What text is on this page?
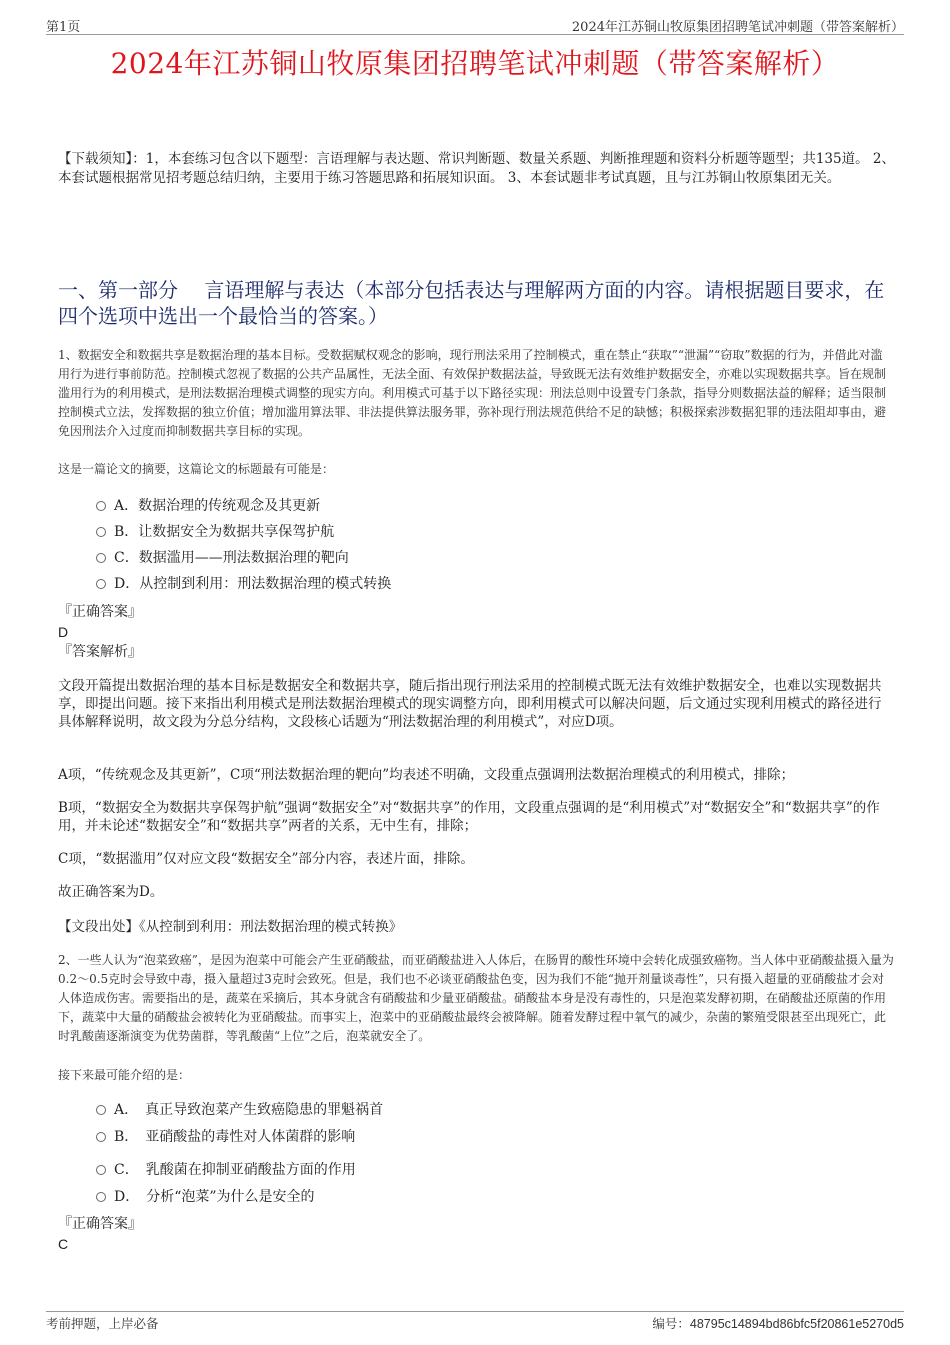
第1页	2024年江苏铜山牧原集团招聘笔试冲刺题（带答案解析）
2024年江苏铜山牧原集团招聘笔试冲刺题（带答案解析）
【下载须知】：1，本套练习包含以下题型：言语理解与表达题、常识判断题、数量关系题、判断推理题和资料分析题等题型；共135道。 2、本套试题根据常见招考题总结归纳，主要用于练习答题思路和拓展知识面。 3、本套试题非考试真题，且与江苏铜山牧原集团无关。
一、第一部分　 言语理解与表达（本部分包括表达与理解两方面的内容。请根据题目要求，在四个选项中选出一个最恰当的答案。）
1、数据安全和数据共享是数据治理的基本目标。受数据赋权观念的影响，现行刑法采用了控制模式，重在禁止“获取”“泄漏”“窃取”数据的行为，并借此对滥用行为进行事前防范。控制模式忽视了数据的公共产品属性，无法全面、有效保护数据法益，导致既无法有效维护数据安全，亦难以实现数据共享。旨在规制滥用行为的利用模式，是刑法数据治理模式调整的现实方向。利用模式可基于以下路径实现：刑法总则中设置专门条款，指导分则数据法益的解释；适当限制控制模式立法，发挥数据的独立价值；增加滥用算法罪、非法提供算法服务罪，弥补现行刑法规范供给不足的缺憾；积极探索涉数据犯罪的违法阻却事由，避免因刑法介入过度而抑制数据共享目标的实现。
这是一篇论文的摘要，这篇论文的标题最有可能是：
A．数据治理的传统观念及其更新
B．让数据安全为数据共享保驾护航
C．数据滥用——刑法数据治理的靶向
D．从控制到利用：刑法数据治理的模式转换
『正确答案』
D
『答案解析』
文段开篇提出数据治理的基本目标是数据安全和数据共享，随后指出现行刑法采用的控制模式既无法有效维护数据安全，也难以实现数据共享，即提出问题。接下来指出利用模式是刑法数据治理模式的现实调整方向，即利用模式可以解决问题，后文通过实现利用模式的路径进行具体解释说明，故文段为分总分结构，文段核心话题为“刑法数据治理的利用模式”，对应D项。
A项，“传统观念及其更新”，C项“刑法数据治理的靶向”均表述不明确，文段重点强调刑法数据治理模式的利用模式，排除；
B项，“数据安全为数据共享保驾护航”强调“数据安全”对“数据共享”的作用，文段重点强调的是“利用模式”对“数据安全”和“数据共享”的作用，并未论述“数据安全”和“数据共享”两者的关系，无中生有，排除；
C项，“数据滥用”仅对应文段“数据安全”部分内容，表述片面，排除。
故正确答案为D。
【文段出处】《从控制到利用：刑法数据治理的模式转换》
2、一些人认为“泡菜致癌”，是因为泡菜中可能会产生亚硝酸盐，而亚硝酸盐进入人体后，在肠胃的酸性环境中会转化成强致癌物。当人体中亚硝酸盐摄入量为0.2～0.5克时会导致中毒，摄入量超过3克时会致死。但是，我们也不必谈亚硝酸盐色变，因为我们不能“抛开剂量谈毒性”，只有摄入超量的亚硝酸盐才会对人体造成伤害。需要指出的是，蔬菜在采摘后，其本身就含有硝酸盐和少量亚硝酸盐。硝酸盐本身是没有毒性的，只是泡菜发酵初期，在硝酸盐还原菌的作用下，蔬菜中大量的硝酸盐会被转化为亚硝酸盐。而事实上，泡菜中的亚硝酸盐最终会被降解。随着发酵过程中氧气的减少，杂菌的繁殖受限甚至出现死亡，此时乳酸菌逐渐演变为优势菌群，等乳酸菌“上位”之后，泡菜就安全了。
接下来最可能介绍的是：
A．　真正导致泡菜产生致癌隐患的罪魁祸首
B．　亚硝酸盐的毒性对人体菌群的影响
C．　乳酸菌在抑制亚硝酸盐方面的作用
D．　分析“泡菜”为什么是安全的
『正确答案』
C
考前押题，上岸必备	编号：48795c14894bd86bfc5f20861e5270d5
